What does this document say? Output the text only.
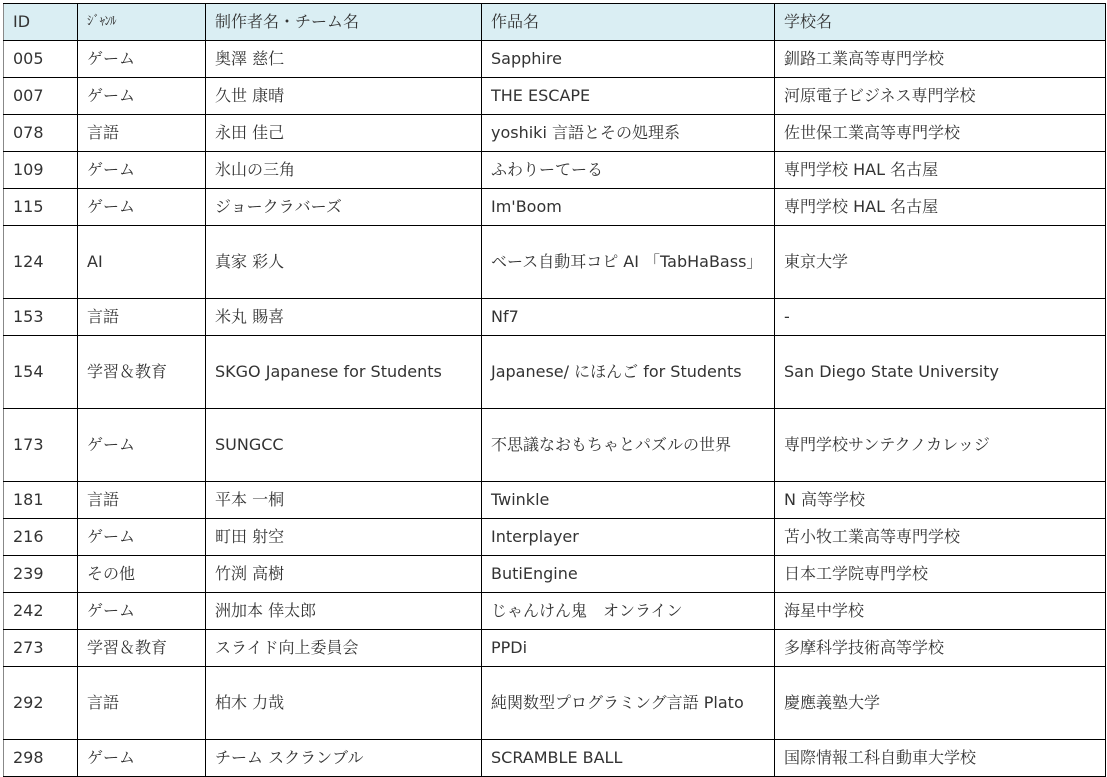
ID	ｼﾞｬﾝﾙ	制作者名・チーム名	作品名	学校名
005	ゲーム	奥澤 慈仁	Sapphire	釧路工業高等専門学校
007	ゲーム	久世 康晴	THE ESCAPE	河原電子ビジネス専門学校
078	言語	永田 佳己	yoshiki 言語とその処理系	佐世保工業高等専門学校
109	ゲーム	氷山の三角	ふわりーてーる	専門学校 HAL 名古屋
115	ゲーム	ジョークラバーズ	Im'Boom	専門学校 HAL 名古屋
124	AI	真家 彩人	ベース自動耳コピ AI 「TabHaBass」	東京大学
153	言語	米丸 賜喜	Nf7	-
154	学習＆教育	SKGO Japanese for Students	Japanese/ にほんご for Students	San Diego State University
173	ゲーム	SUNGCC	不思議なおもちゃとパズルの世界	専門学校サンテクノカレッジ
181	言語	平本 一桐	Twinkle	N 高等学校
216	ゲーム	町田 射空	Interplayer	苫小牧工業高等専門学校
239	その他	竹渕 高樹	ButiEngine	日本工学院専門学校
242	ゲーム	洲加本 倖太郎	じゃんけん鬼　オンライン	海星中学校
273	学習＆教育	スライド向上委員会	PPDi	多摩科学技術高等学校
292	言語	柏木 力哉	純関数型プログラミング言語 Plato	慶應義塾大学
298	ゲーム	チーム スクランブル	SCRAMBLE BALL	国際情報工科自動車大学校
